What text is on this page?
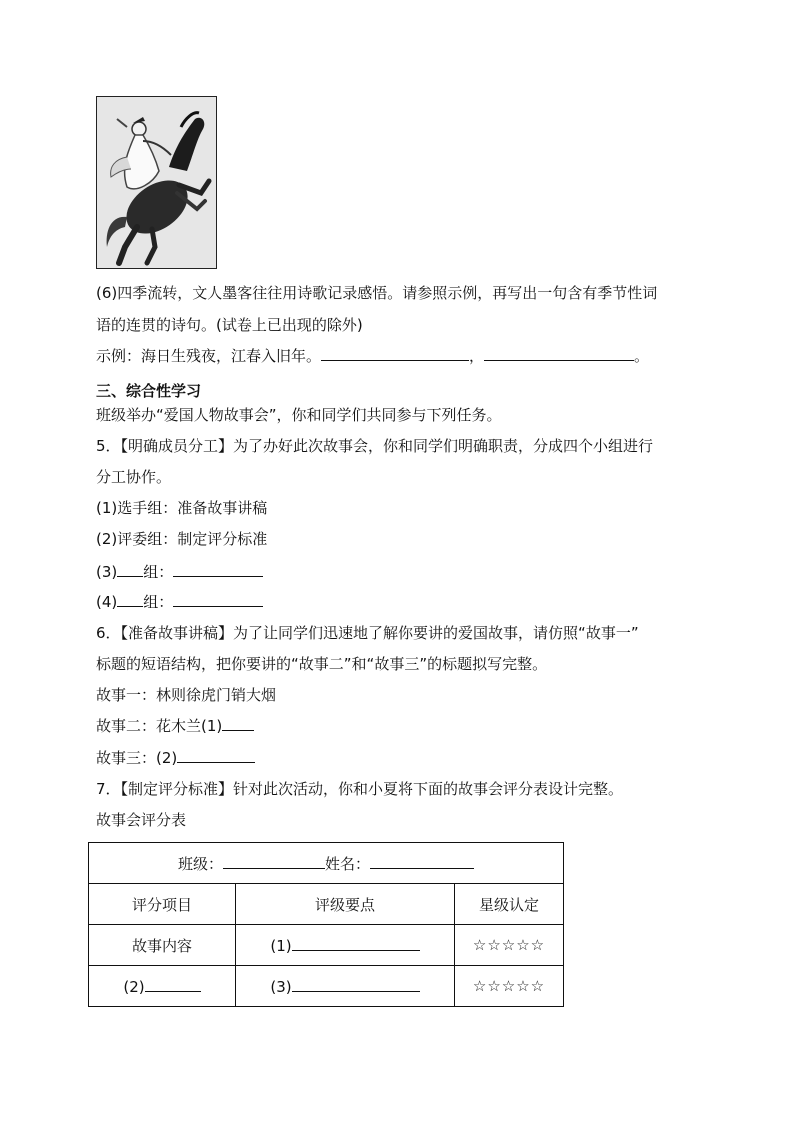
(6)四季流转，文人墨客往往用诗歌记录感悟。请参照示例，再写出一句含有季节性词
语的连贯的诗句。(试卷上已出现的除外)
示例：海日生残夜，江春入旧年。	，	。
三、综合性学习
班级举办“爱国人物故事会”，你和同学们共同参与下列任务。
5．【明确成员分工】为了办好此次故事会，你和同学们明确职责，分成四个小组进行
分工协作。
(1)选手组：准备故事讲稿
(2)评委组：制定评分标准
(3) 组：
(4) 组：
6．【准备故事讲稿】为了让同学们迅速地了解你要讲的爱国故事，请仿照“故事一”
标题的短语结构，把你要讲的“故事二”和“故事三”的标题拟写完整。
故事一：林则徐虎门销大烟
故事二：花木兰(1)
故事三：(2)
7．【制定评分标准】针对此次活动，你和小夏将下面的故事会评分表设计完整。
故事会评分表
班级： 姓名：		
评分项目	评级要点	星级认定
故事内容	(1)	☆☆☆☆☆
(2)	(3)	☆☆☆☆☆
